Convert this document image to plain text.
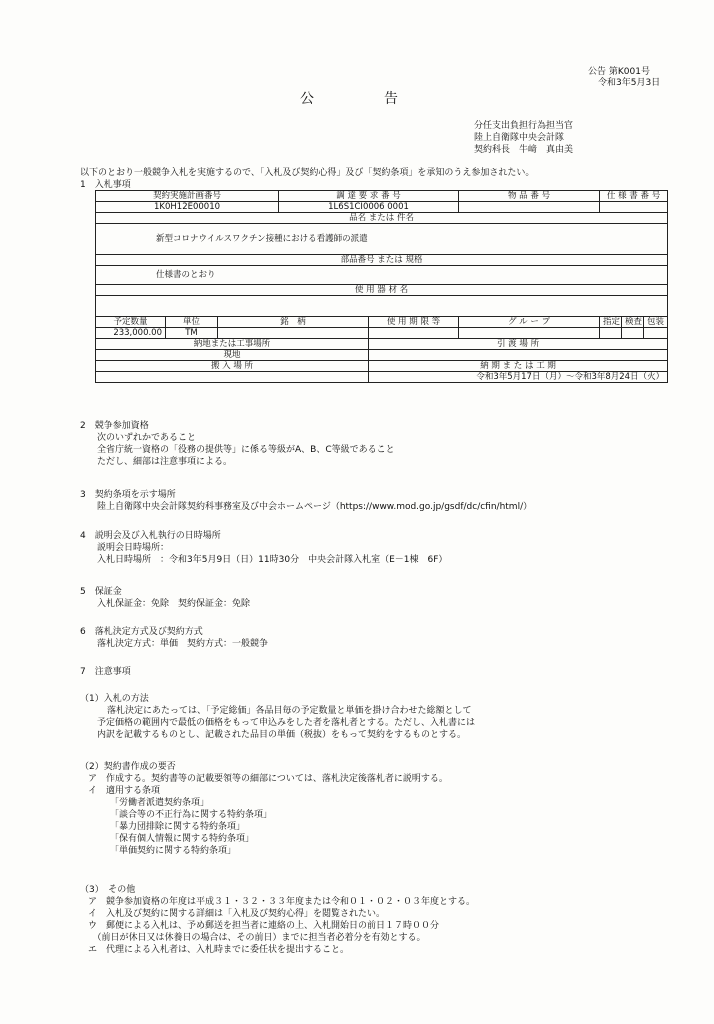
公告 第K001号
令和3年5月3日
公告
分任支出負担行為担当官
陸上自衛隊中央会計隊
契約科長　牛﨑　真由美
以下のとおり一般競争入札を実施するので、「入札及び契約心得」及び「契約条項」を承知のうえ参加されたい。
1　入札事項
契約実施計画番号			調 達 要 求 番 号		物 品 番 号	仕 様 書 番 号		
1K0H12E00010			1L6S1CI0006 0001					
品名 または 件名								
新型コロナウイルスワクチン接種における看護師の派遣								
部品番号 または 規格								
仕様書のとおり								
使 用 器 材 名								

予定数量	単位	銘　柄		使 用 期 限 等	グ ル ー プ	指定	検査	包装
233,000.00	TM							
納地または工事場所				引 渡 場 所				
現地								
搬 入 場 所				納 期 ま た は 工 期				
				令和3年5月17日（月）～令和3年8月24日（火）				
2　競争参加資格
次のいずれかであること
全省庁統一資格の「役務の提供等」に係る等級がA、B、C等級であること
ただし、細部は注意事項による。
3　契約条項を示す場所
陸上自衛隊中央会計隊契約科事務室及び中会ホームページ（https://www.mod.go.jp/gsdf/dc/cfin/html/）
4　説明会及び入札執行の日時場所
説明会日時場所：
入札日時場所　：令和3年5月9日（日）11時30分　中央会計隊入札室（E－1棟　6F）
5　保証金
入札保証金：免除　契約保証金：免除
6　落札決定方式及び契約方式
落札決定方式：単価　契約方式：一般競争
7　注意事項
（1）入札の方法
落札決定にあたっては、「予定総価」各品目毎の予定数量と単価を掛け合わせた総額として
予定価格の範囲内で最低の価格をもって申込みをした者を落札者とする。ただし、入札書には
内訳を記載するものとし、記載された品目の単価（税抜）をもって契約をするものとする。
（2）契約書作成の要否
ア　作成する。契約書等の記載要領等の細部については、落札決定後落札者に説明する。
イ　適用する条項
「労働者派遣契約条項」
「談合等の不正行為に関する特約条項」
「暴力団排除に関する特約条項」
「保有個人情報に関する特約条項」
「単価契約に関する特約条項」
（3）　その他
ア　競争参加資格の年度は平成３１・３２・３３年度または令和０１・０２・０３年度とする。
イ　入札及び契約に関する詳細は「入札及び契約心得」を閲覧されたい。
ウ　郵便による入札は、予め郵送を担当者に連絡の上、入札開始日の前日１７時００分
　（前日が休日又は休養日の場合は、その前日）までに担当者必着分を有効とする。
エ　代理による入札者は、入札時までに委任状を提出すること。
